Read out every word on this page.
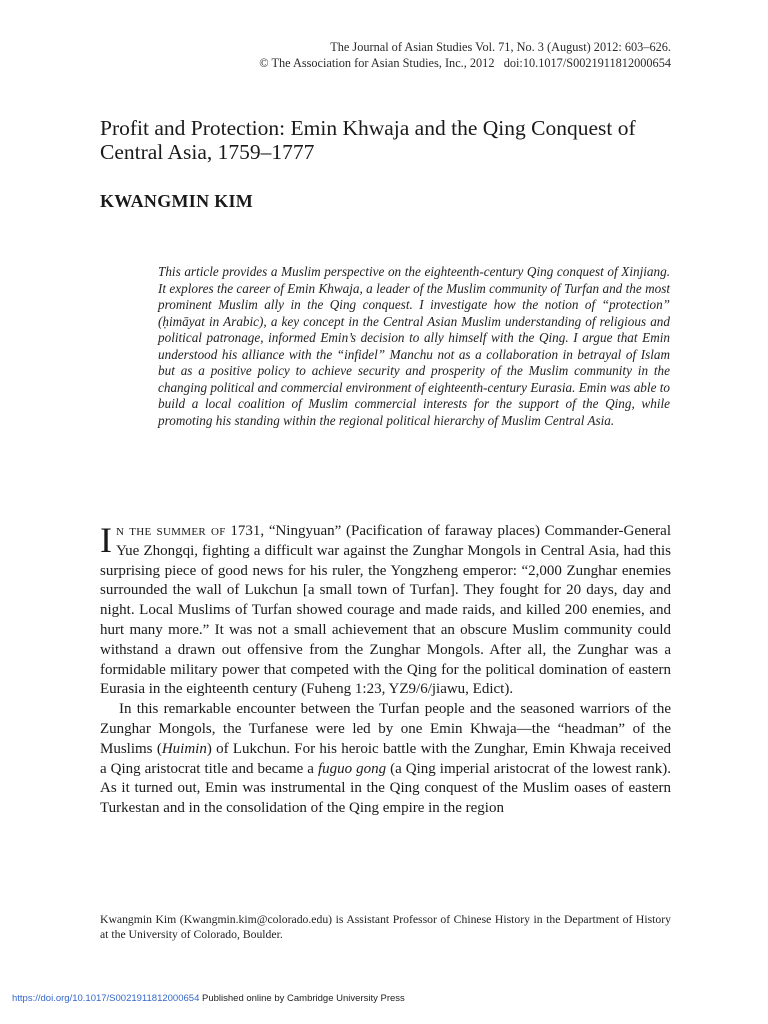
The Journal of Asian Studies Vol. 71, No. 3 (August) 2012: 603–626.
© The Association for Asian Studies, Inc., 2012 doi:10.1017/S0021911812000654
Profit and Protection: Emin Khwaja and the Qing Conquest of Central Asia, 1759–1777
KWANGMIN KIM

This article provides a Muslim perspective on the eighteenth-century Qing conquest of Xinjiang. It explores the career of Emin Khwaja, a leader of the Muslim community of Turfan and the most prominent Muslim ally in the Qing conquest. I investigate how the notion of “protection” (ḥimāyat in Arabic), a key concept in the Central Asian Muslim understanding of religious and political patronage, informed Emin’s decision to ally himself with the Qing. I argue that Emin understood his alliance with the “infidel” Manchu not as a collaboration in betrayal of Islam but as a positive policy to achieve security and prosperity of the Muslim community in the changing political and commercial environment of eighteenth-century Eurasia. Emin was able to build a local coalition of Muslim commercial interests for the support of the Qing, while promoting his standing within the regional political hierarchy of Muslim Central Asia.

In the summer of 1731, “Ningyuan” (Pacification of faraway places) Commander-General Yue Zhongqi, fighting a difficult war against the Zunghar Mongols in Central Asia, had this surprising piece of good news for his ruler, the Yongzheng emperor: “2,000 Zunghar enemies surrounded the wall of Lukchun [a small town of Turfan]. They fought for 20 days, day and night. Local Muslims of Turfan showed courage and made raids, and killed 200 enemies, and hurt many more.” It was not a small achievement that an obscure Muslim community could withstand a drawn out offensive from the Zunghar Mongols. After all, the Zunghar was a formidable military power that competed with the Qing for the political domination of eastern Eurasia in the eighteenth century (Fuheng 1:23, YZ9/6/jiawu, Edict).

In this remarkable encounter between the Turfan people and the seasoned warriors of the Zunghar Mongols, the Turfanese were led by one Emin Khwaja—the “headman” of the Muslims (Huimin) of Lukchun. For his heroic battle with the Zunghar, Emin Khwaja received a Qing aristocrat title and became a fuguo gong (a Qing imperial aristocrat of the lowest rank). As it turned out, Emin was instrumental in the Qing conquest of the Muslim oases of eastern Turkestan and in the consolidation of the Qing empire in the region

Kwangmin Kim (Kwangmin.kim@colorado.edu) is Assistant Professor of Chinese History in the Department of History at the University of Colorado, Boulder.
https://doi.org/10.1017/S0021911812000654 Published online by Cambridge University Press
